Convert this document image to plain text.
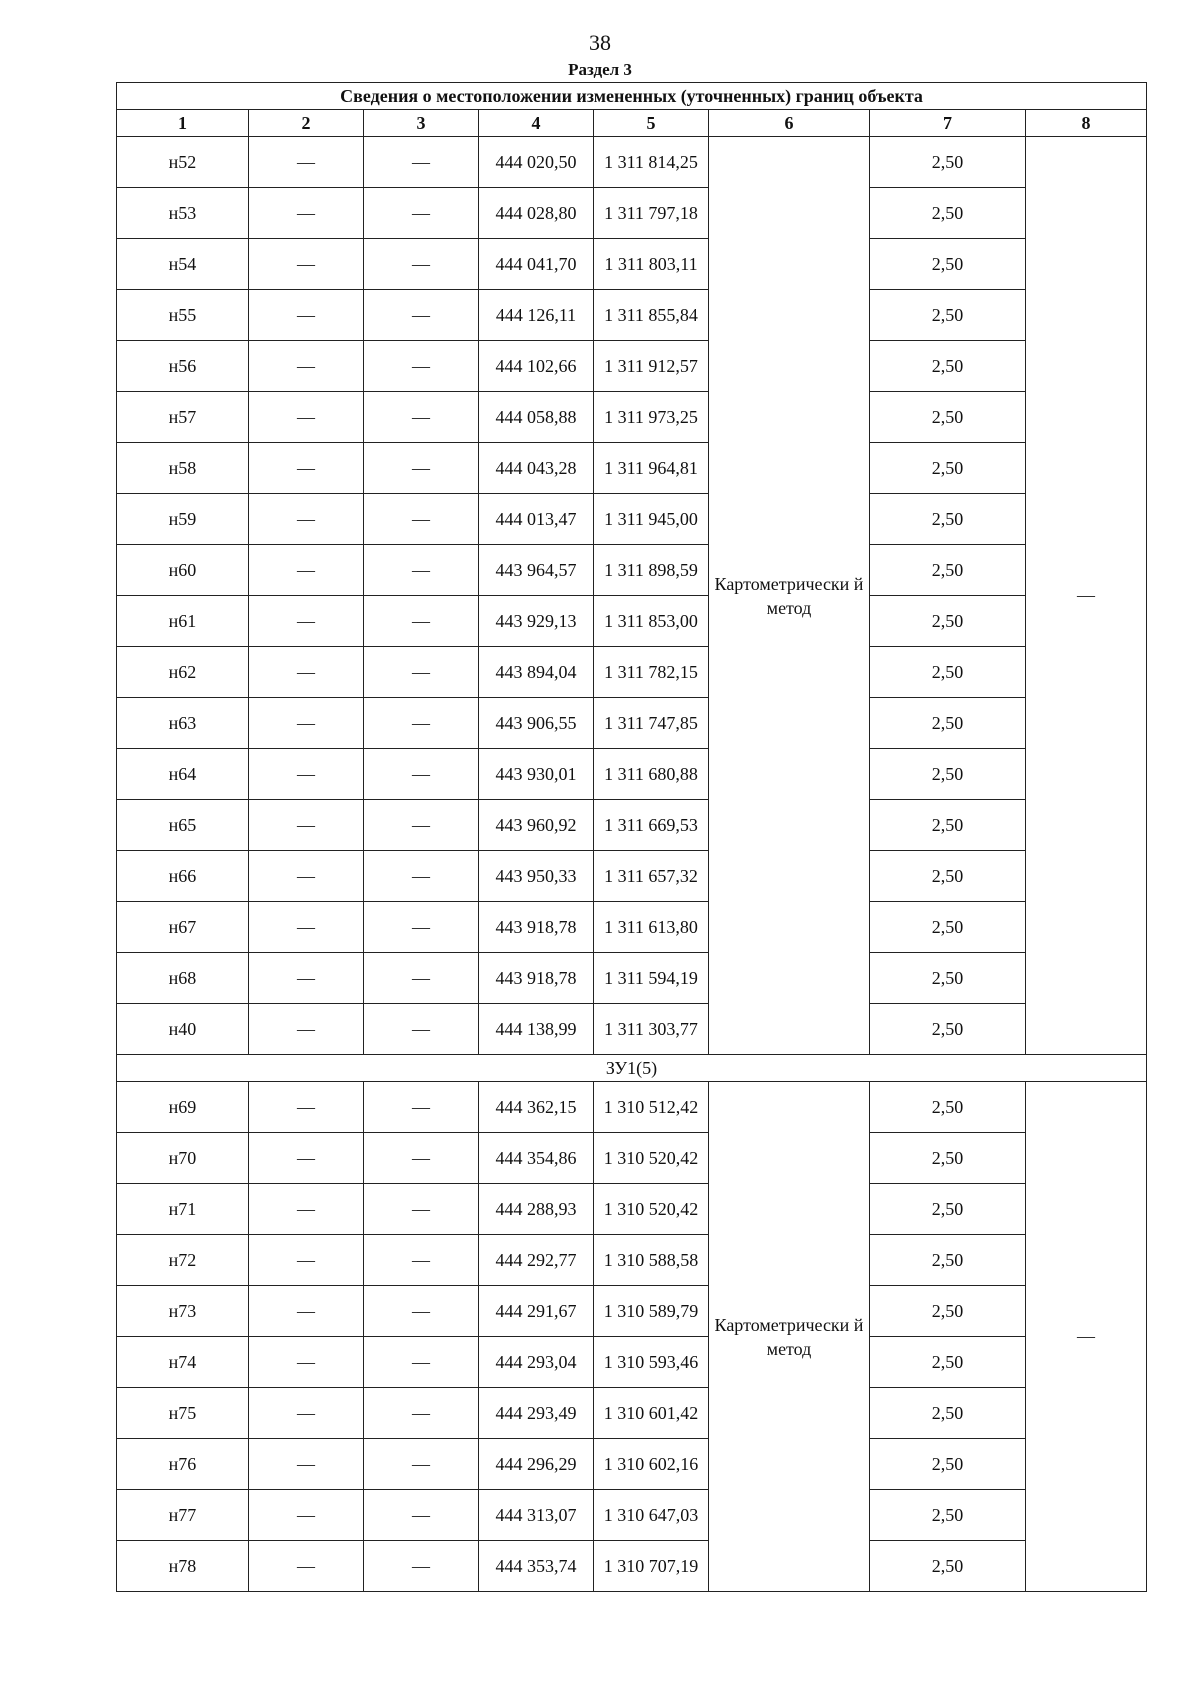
38
Раздел 3
Сведения о местоположении измененных (уточненных) границ объекта							
1	2	3	4	5	6	7	8
н52	—	—	444 020,50	1 311 814,25	Картометрически й метод	2,50	—
н53	—	—	444 028,80	1 311 797,18		2,50	
н54	—	—	444 041,70	1 311 803,11		2,50	
н55	—	—	444 126,11	1 311 855,84		2,50	
н56	—	—	444 102,66	1 311 912,57		2,50	
н57	—	—	444 058,88	1 311 973,25		2,50	
н58	—	—	444 043,28	1 311 964,81		2,50	
н59	—	—	444 013,47	1 311 945,00		2,50	
н60	—	—	443 964,57	1 311 898,59		2,50	
н61	—	—	443 929,13	1 311 853,00		2,50	
н62	—	—	443 894,04	1 311 782,15		2,50	
н63	—	—	443 906,55	1 311 747,85		2,50	
н64	—	—	443 930,01	1 311 680,88		2,50	
н65	—	—	443 960,92	1 311 669,53		2,50	
н66	—	—	443 950,33	1 311 657,32		2,50	
н67	—	—	443 918,78	1 311 613,80		2,50	
н68	—	—	443 918,78	1 311 594,19		2,50	
н40	—	—	444 138,99	1 311 303,77		2,50	
ЗУ1(5)							
н69	—	—	444 362,15	1 310 512,42	Картометрически й метод	2,50	—
н70	—	—	444 354,86	1 310 520,42		2,50	
н71	—	—	444 288,93	1 310 520,42		2,50	
н72	—	—	444 292,77	1 310 588,58		2,50	
н73	—	—	444 291,67	1 310 589,79		2,50	
н74	—	—	444 293,04	1 310 593,46		2,50	
н75	—	—	444 293,49	1 310 601,42		2,50	
н76	—	—	444 296,29	1 310 602,16		2,50	
н77	—	—	444 313,07	1 310 647,03		2,50	
н78	—	—	444 353,74	1 310 707,19		2,50	
